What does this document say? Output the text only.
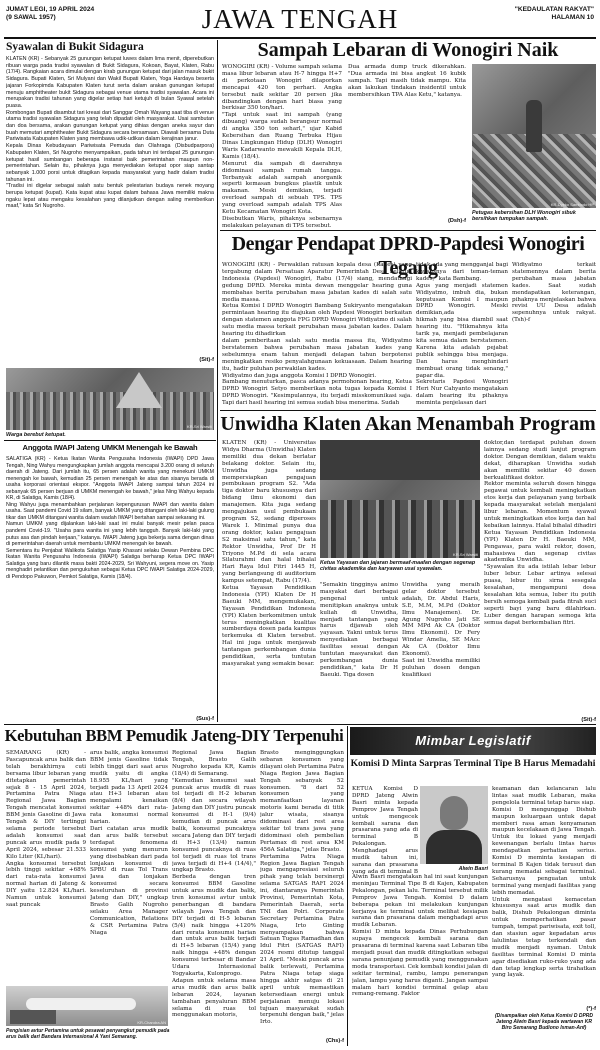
JUMAT LEGI, 19 APRIL 2024
(9 SAWAL 1957)	JAWA TENGAH	"KEDAULATAN RAKYAT"
HALAMAN 10
Syawalan di Bukit Sidagura
KLATEN (KR) - Sebanyak 25 gunungan ketupat luwes dalam lima menit, diperebutkan ribuan warga pada tradisi syawalan di Bukit Sidagura, Kokoan, Bayat, Klaten, Rabu (17/4). Rangkaian acara dimulai dengan kirab gunungan ketupat dari jalan masuk bukit Sidagura. Bupati Klaten, Sri Mulyani dan Wakil Bupati Klaten, Yoga Hardaya beserta jajaran Forkopimda Kabupaten Klaten turut serta dalam arakan gunungan ketupat menuju amphitheater bukit Sidagura sebagai venue utama tradisi syawalan. Acara ini merupakan tradisi tahunan yang digelar setiap hari ketujuh di bulan Syawal setelah puasa.
Rombongan Bupati disambut tari kreasi dari Sanggar Omah Wayang saat tiba di venue utama tradisi syawalan Sidagura yang telah dipadati oleh masyarakat. Usai sambutan dan doa bersama, arakan gunungan ketupat yang dihias dengan aneka sayur dan buah memutari amphitheater Bukit Sidagura secara bersamaan. Diawali bersama Duta Pariwisata Kabupaten Klaten yang membawa udik-udikan dalam kerajinan janur.
Kepala Dinas Kebudayaan Pariwisata Pemuda dan Olahraga (Disbudparpora) Kabupaten Klaten, Sri Nugroho menyampaikan, pada tahun ini terdapat 25 gunungan ketupat hasil sumbangan beberapa instansi baik pemerintahan maupun non-pemerintahan. Selain itu, pihaknya juga menyediakan ketupat opor siap santap sebanyak 1.000 porsi untuk ditagikan kepada masyarakat yang hadir dalam tradisi tahunan ini.
"Tradisi ini digelar sebagai salah satu bentuk pelestarian budaya nenek moyang berupa ketupat (kupat). Kata kupat atau kupat dalam bahasa Jawa memiliki makna ngaku lepat atau mengaku kesalahan yang dilanjutkan dengan saling memberikan maaf," kata Sri Nugroho.
(Sit)-f
KR-Sri Warsiti
Warga berebut ketupat.
Anggota IWAPI Jateng UMKM Menengah ke Bawah
SALATIGA (KR) - Ketua Ikatan Wanita Pengusaha Indonesia (IWAPI) DPD Jawa Tengah, Ning Wahyu mengungkapkan jumlah anggota mencapai 3.200 orang di seluruh daerah di Jateng. Dari jumlah itu, 65 persen adalah wanita yang menekuni UMKM menengah ke bawah, kemudian 25 persen menengah ke atas dan sisanya berada di usaha korporasi orientasi ekspor. "Anggota IWAPI Jateng sampai tahun 2024 ini sebanyak 65 persen berjuan di UMKM menengah ke bawah," jelas Ning Wahyu kepada KR, di Salatiga, Kamis (18/4).
Ning Wahyu juga menambahkan perjalanan kepengurusan IWAPI dan wanita dalam usaha. Saat pandemi Covid 19 silam, banyak UMKM yang ditangani oleh laki-laki gulung tikar dan UMKM ditangani wanita dalam wadah IWAPI bertahan sampai sekarang ini.
Namun UMKM yang dijalankan laki-laki saat ini mulai banyak mesir pelan pasca pandemi Covid-19. "Usaha para wanita ini yang lebih tangguh. Banyak laki-laki yang putus asa dan pindah kerjaan," katanya. IWAPI Jateng juga bekerja sama dengan dinas di pemerintahan daerah untuk membantu UMKM menengah ke bawah.
Sementara itu Penjabat Walikota Salatiga Yasip Khasani selaku Dewan Pembina DPC Ikatan Wanita Pengusaha Indonesia (IWAPI) Salatiga berharap Ketua DPC IWAPI Salatiga yang baru dilantik masa bakti 2024-2029, Sri Wahyuni, segera move on. Yasip menghadiri pelantikan dan pengukuhan sebagai Ketua DPC IWAPI Salatiga 2024-2029, di Pendopo Pakuwon, Pemkot Salatiga, Kamis (18/4).
(Sus)-f
Sampah Lebaran di Wonogiri Naik
WONOGIRI (KR) - Volume sampah selama masa libur lebaran atau H-7 hingga H+7 di perkotaan Wonogiri dilaporkan mencapai 420 ton perhari. Angka tersebut naik sekitar 20 persen jika dibandingkan dengan hari biasa yang berkisar 350 ton/hari.
"Tapi untuk saat ini sampah (yang dibuang) warga sudah berangsur normal di angka 350 ton seharl," ujar Kabid Kebersihan dan Ruang Terbuka Hijau Dinas Lingkungan Hidup (DLH) Wonogiri Waris Kadarwanto mewakili Kepala DLH, Kamis (18/4).
Menurut dia sampah di daerahnya didominasi sampah rumah tangga. Terbanyak adalah sampah anorganik seperti kemasan bungkus plastik untuk makanan. Meski demikian, terjadi overload sampah di sebuah TPS. TPS yang overload sampah adalah TPS Alas Ketu Kecamatan Wonogiri Kota.
Disebutkan Waris, pihaknya sebenarnya melakukan pelayanan di TPS tersebut.
Dua armada dump truck dikerahkan. "Dua armada ini bisa angkut 16 kubik sampah. Tapi masih tidak mampu. Kita akan lakukan tindakan insidentil untuk membersihkan TPA Alas Ketu," katanya.
(Dsh)-f
KR-Dyeko Sambodo HP
Petugas kebersihan DLH Wonogiri sibuk bersihkan tumpukan sampah.
Dengar Pendapat DPRD-Papdesi Wonogiri Tegang
WONOGIRI (KR) - Perwakilan ratusan kepala desa (Kades) yang tergabung dalam Persatuan Aparatur Pemerintah Desa Seluruh Indonesia (Papdesi) Wonogiri, Rabu (17/4) siang, mendatangi gedung DPRD. Mereka minta dewan menggelar hearing guna membahas berita perubahan masa jabatan kades di salah satu media massa.
Ketua Komisi I DPRD Wonogiri Bambang Sukiryanto mengatakan permintaan hearing itu diajukan oleh Papdesi Wonogiri berkaitan dengan statemen anggota FPG DPRD Wonogiri Widiyatmo di salah satu media massa terkait perubahan masa jabatan kades. Dalam hearing itu dihadirkan
dalam pemberitaan salah satu media massa itu, Widiyatmo berstatemen bahwa perubahan masa jabatan kades yang sebelumnya enam tahun menjadi delapan tahun berpotensi meningkatkan resiko penyalahgunaan kekuasaan. Dalam hearing itu, hadir puluhan perwakilan kades.
Widiyatmo dan juga anggota Komisi I DPRD Wonogiri.
Bambang menuturkan, pasca adanya permohonan hearing, Ketua DPRD Wonogiri Setyo memberikan nota tugas kepada Komisi I DPRD Wonogiri. "Kesimpulannya, itu terjadi misskomunikasi saja. Tapi dari hasil hearing ini semua sudah bisa menerima. Sudah
tidak ada yang mengganjal bagi khususnya dari teman-teman kades," kata Bambang.
Agus yang menjadi statemen Widiyatmo, imbuh dia, bukan keputusan Komisi I maupun DPRD Wonogiri. Meski demikian,ada
hikmah yang bisa diambil saat hearing itu. "Hikmahnya kita tarik ya, menjadi pembelajaran kita semua dalam berstatemen. Karena kita adalah pejabat publik sehingga bisa menjaga. Dan harus menghindari membuat orang tidak senang," papar dia.
Sekretaris Papdesi Wonogiri Heri Nur Cahyanto mengatakan dalam hearing itu pihaknya meminta penjelasan dari
Widiyatmo terkait statemennya dalam berita perubahan masa jabatan kades. Saat sudah mendapatkan keterangan, pihaknya menjelaskan bahwa revisi UU Desa adalah sepenuhnya untuk rakyat. (Tsh)-f
Unwidha Klaten Akan Menambah Program
KLATEN (KR) - Universitas Widya Dharma (Unwidha) Klaten memiliki dua dekan berlatar belakang doktor. Selain itu, Unwidha juga sedang mempersiapkan pengajuan pembukaan program S2. "Ada tiga doktor baru khususnya dari bidang ilmu ekonomi dan manajemen. Kita juga sedang mengajukan usul pembukaan program S2, sedang diperoses Warek I. Minimal punya dua orang doktor, kalau pengajuan S2 maksimal satu tahun," kata Rektor Unwidha, Prof Dr H Triyono M.Pd di sela acara Silaturahmi dan halal bihalal Hari Raya Idul Fitri 1445 H, yang berlangsung di auditorium kampus setempat, Rabu (17/4).
Ketua Yayasan Pendidikan Indonesia (YPI) Klaten Dr H Baeuki MM, mengemukakan, Yayasan Pendidikan Indonesia (YPI) Klaten berkomitmen untuk terus meningkatkan kualitas sumberdaya dosen pada kampus terkemuka di Klaten tersebut. Hal ini juga untuk menjawab tantangan perkembangan dunia pendidikan, serta tuntutan masyarakat yang semakin besar.
KR-Sri Warsiti
Ketua Yayasan dan jajaran bermaaf-maafan dengan segenap civitas akademika dan karyawan usai syawalan.
"Semakin tingginya animo masyakat dari berbagai pengenal untuk menitipkan anaknya untuk kuliah di Unwidha, menjadi tantangan yang harus dijawab oleh yayasan. Yakni untuk terus menyediakan berbagai fasilitas sesuai dengan tuntutan masyarakat dan perkembangan dunia pendidikan," kata Dr H Baeuki. Tiga dosen
Unwidha yang meraih gelar doktor tersebut adalah, Dr. Abdul Haris, S.E, M.M, M.Pd (Doktor Ilmu Manajemen). Dr. Agung Nugroho Jati SE MM MPd Ak CA (Doktor Ilmu Ekonomi). Dr Fery Windar Amelia, SE MAcc Ak CA (Doktor Ilmu Ekonomi).
Saat ini Unwidha memiliki puluhan dosen dengan kualifikasi
doktor,dan terdapat puluhan dosen lainnya sedang studi lanjut program doktor. Dengan demikian, dalam waktu dekat, diharapkan Unwidha sudah akan memiliki sekitar 40 dosen berkualifikasi doktor.
Rektor meminta seluruh dosen hingga pegawai untuk kembali meningkatkan etos kerja dan pelayanan yang terbaik kepada masyarakat setelah menjalani libur lebaran. Momentum syawal untuk meningkatkan etos kerja dan hal kebaikan lainnya. Halal bihalal dihadiri Ketua Yayasan Pendidikan Indonesia (YPI) Klaten Dr H. Baeuki MM, Pengawas, para wakil rektor, dosen, mahasiswa dan segenap civitas akademika Unwidha.
"Syawalan itu ada istilah lebar lebur luber lebur. Lebar artinya selesai puasa, lebur itu sirna sesegala kesalahan, mengampuni dosa kesalahan kita semua, luber itu putih bersih semoga kembali pada fitrah suci seperti bayi yang baru dilahirkan. Luber dengan harapan semoga kita semua dapat berkembalian fitri.
(Sit)-f
Kebutuhan BBM Pemudik Jateng-DIY Terpenuhi
SEMARANG (KR) - Pascapuncak arus balik dan telah berakhirnya cuti bersama libur lebaran yang ditetapkan pemerintah sejak 8 - 15 April 2024, Pertamina Patra Niaga Regional Jawa Bagian Tengah mencatat konsumsi BBM jenis Gasoline di Jawa Tengah & DIY tertinggi selama periode tersebut adalah konsumsi saat puncak arus mudik pada 9 April 2024, sebesar 21.533 Kilo Liter (KL/hari).
Angka konsumsi tersebut lebih tinggi sekitar +68% dari rata-rata konsumsi normal harian di Jateng & DIY yaitu 12.824 KL/hari. Namun untuk konsumsi saat puncak
arus balik, angka konsumsi BBM jenis Gasoline tidak lebih tinggi dari saat arus mudik yaitu di angka 18.955 KL/hari yang terjadi pada 13 April 2024 atau H+3 lebaran atau mengalami kenaikan sekitar +48% dari rata-rata konsumsi normal harian.
Dari catatan arus mudik dan arus balik tersebut terdapat fenomena konsumsi yang menurun yang disebabkan dari pada lonjakan konsumsi di SPBU di ruas Tol Trans Jawa dan lonjakan konsumsi secara keseluruhan di provinsi Jateng dan DIY," ungkap Brasto Galih Nugroho selaku Area Manager Communication, Relations & CSR Pertamina Patra Niaga
Regional Jawa Bagian Tengah, Brasto Galih Nugroho kepada KR, Kamis (18/4) di Semarang.
"Kemudian konsumsi saat puncak arus mudik di ruas tol terjadi di H-2 lebaran (8/4) dan secara wilayah Jateng dan DIY justru puncak konsumsi di H-1 (9/4) kemudian di puncak arus balik, konsumsi puncaknya secara Jateng dan DIY terjadi di H+3 (13/4) namun konsumsi puncaknya di ruas tol terjadi di ruas tol trans jawa terjadi di H+4 (14/4)," ungkap Brasto.
Berbeda dengan tren konsumsi BBM Gasoline untuk arus mudik dan balik, tren konsumsi avtur untuk penerbangan di bandara wilayah Jawa Tengah dan DIY terjadi di H-5 lebaran (5/4) naik hingga +120% dari rerata konsumsi harian dan untuk arus balik terjadi di H+5 lebaran (15/4) yang naik hingga +48% dengan konsumsi terbesar di Bandar Udara Internasional Yogyakarta, Kulonprogo.
Adapun untuk selama masa arus mudik dan arus balik lebaran 2024, layanan tambahan penyaluran BBM selama di ruas tol menggunakan motoris,
Brasto menginggungkan sebaran konsumen yang dilayani oleh Pertamina Patra Niaga Region Jawa Bagian Tengah sebanyak 52 konsumen. "8 dari 52 konsumen yang memanfaatkan layanan motoris kami berada di titik jalur wisata, sisanya didominasi dari rest area sekitar tol trans jawa yang didominasi oleh pembelian Pertamax di rest area KM 456A Salatiga," jelas Brasto.
Pertamina Patra Niaga Region Jawa Bagian Tengah juga mengapresiasi seluruh pihak yang telah bersinergi selama SATGAS RAFI 2024 ini, diantaranya Pemerintah Provinsi, Pemerintah Kota, Pemerintah Daerah, serta TNI dan Polri. Corporate Secretary Pertamina Patra Niaga, Irto Ginting menyampaikan bahwa Satuan Tugas Ramadhan dan Idul Fitri (SATGAS RAFI) 2024 resmi ditutup tanggal 21 April. "Meski puncak arus balik terlewati, Pertamina Patra Niaga tetap siaga hingga akhir satgas di 21 april untuk memastikan ketersediaan energi untuk perjalanan menuju lokasi tujuan masyarakat sudah terpenuhi dengan baik," jelas Irto.
(Chs)-f
KR-Chandra AN
Pengisian avtur Pertamina untuk pesawat penyangkut pemudik pada arus balik dari Bandara Internasional A Yani Semarang.
Mimbar Legislatif
Komisi D Minta Sarpras Terminal Tipe B Harus Memadahi
KETUA Komisi D DPRD Jateng Alwin Basri minta kepada Pemprov Jawa Tengah untuk mengecek kembali sarana dan prasarana yang ada di terminal B Pekalongan. Menghadapi arus mudik tahun ini, sarana dan prasarana yang ada di terminal B	Alwin Basri
Alwin Basri mengatakan hal ini saat kunjungan meninjau Terminal Tipe B di Kajen, Kabupaten Pekalongan, pekan lalu. Terminal tersebut milik Pemprov Jawa Tengah. Komisi D dalam beberapa pekan ini melakukan kunjungan kerjanya ke terminal untuk melihat kesiapan sarana dan prasarana dalam menghadapi arus mudik Lebaran.
Komisi D minta kepada Dinas Perhubungan supaya mengecek kembali sarana dan prasarana di terminal karena saat Lebaran tiba menjadi pusat dan mudik ditingkatkan sebagai sarana penunjang pemudik yang menggunakan moda transportasi. Cek kembali kondisi jalan di sekitar terminal, rambu, lampu penerangan jalan, lampu yang harus diganti. Jangan sampai malam hari kondisi terminal gelap atau remang-remang. Faktor
keamanan dan kelancaran lalu lintas saat mudik Lebaran, maka pengelola terminal tetap harus siap.
Komisi D mengunggap Dishub maupun keluargaan untuk dapat memberi rasa aman kenyamanan maupun kecelakaan di Jawa Tengah. Untuk itu lokasi yang menjadi kewenangan berlalu lintas harus mendapatkan perhatian serius. Komisi D meminta kesiapan di terminal B Kajen tidak terusut dan kurang memadai sebagai terminal. Seharusnya penguatan untuk terminal yang menjadi fasilitas yang lebih memadai.
Untuk mengatasi kemacetan khususnya saat arus mudik dan balik, Dishub Pekalongan diminta untuk memperhatikan pasar tumpah, tempat pariwisata, exit toll, dan stasiun agar kepadatan arus lalulintas tetap terkendali dan mudik menjadi nyaman. Untuk fasilitas terminal Komisi D minta agar disediakan ruko-ruko yang ada dan tetap lengkap serta tirahatkan yang layak.
(*)-f
(Disampaikan oleh Ketua Komisi D DPRD Jateng Alwin Basri kepada wartawan KR Biro Semarang Budiono Isman-Anf)
